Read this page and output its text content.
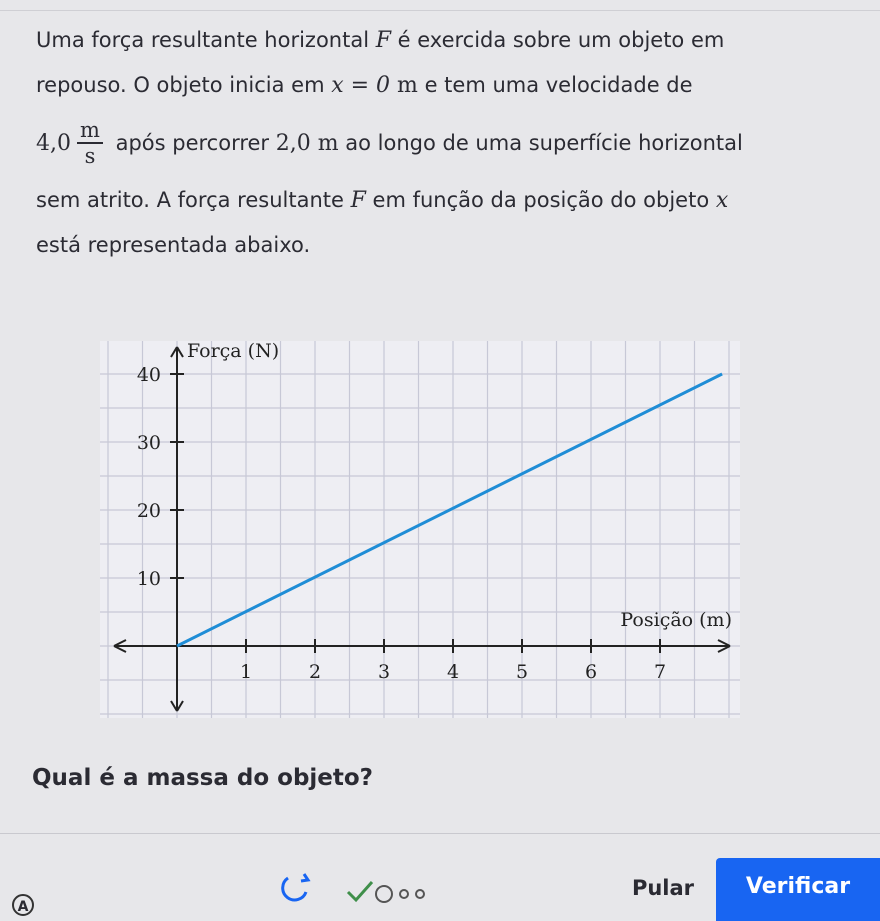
Uma força resultante horizontal F é exercida sobre um objeto em
repouso. O objeto inicia em x = 0 m e tem uma velocidade de
$4,0 \frac{m}{s}$ após percorrer 2,0 m ao longo de uma superfície horizontal
sem atrito. A força resultante F em função da posição do objeto x
está representada abaixo.
1	2	3	4	5	6	7
10
20
30
40
Força (N)
Posição (m)
Qual é a massa do objeto?
A
Pular	Verificar
